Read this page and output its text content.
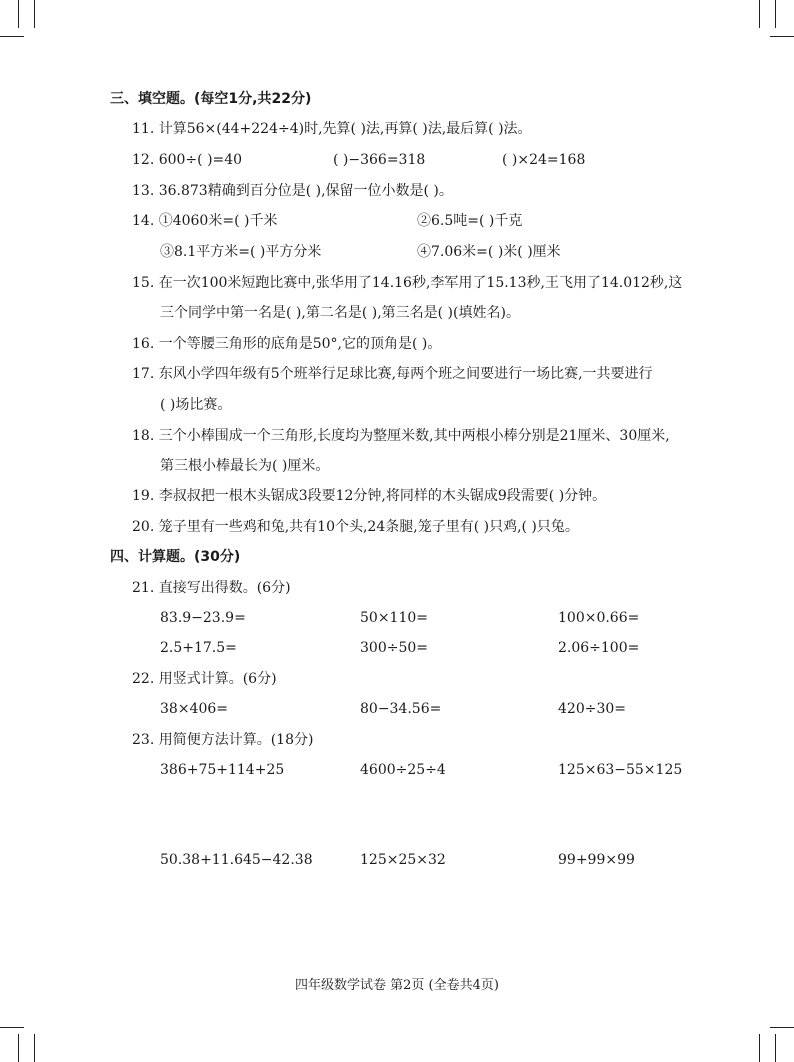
三、填空题。(每空1分,共22分)
11. 计算56×(44+224÷4)时,先算( )法,再算( )法,最后算( )法。
12. 600÷( )=40	( )−366=318	( )×24=168
13. 36.873精确到百分位是( ),保留一位小数是( )。
14. ①4060米=( )千米	②6.5吨=( )千克
③8.1平方米=( )平方分米	④7.06米=( )米( )厘米
15. 在一次100米短跑比赛中,张华用了14.16秒,李军用了15.13秒,王飞用了14.012秒,这
三个同学中第一名是( ),第二名是( ),第三名是( )(填姓名)。
16. 一个等腰三角形的底角是50°,它的顶角是( )。
17. 东风小学四年级有5个班举行足球比赛,每两个班之间要进行一场比赛,一共要进行
( )场比赛。
18. 三个小棒围成一个三角形,长度均为整厘米数,其中两根小棒分别是21厘米、30厘米,
第三根小棒最长为( )厘米。
19. 李叔叔把一根木头锯成3段要12分钟,将同样的木头锯成9段需要( )分钟。
20. 笼子里有一些鸡和兔,共有10个头,24条腿,笼子里有( )只鸡,( )只兔。
四、计算题。(30分)
21. 直接写出得数。(6分)
83.9−23.9=	50×110=	100×0.66=
2.5+17.5=	300÷50=	2.06÷100=
22. 用竖式计算。(6分)
38×406=	80−34.56=	420÷30=
23. 用简便方法计算。(18分)
386+75+114+25	4600÷25÷4	125×63−55×125
50.38+11.645−42.38	125×25×32	99+99×99
四年级数学试卷 第2页 (全卷共4页)
